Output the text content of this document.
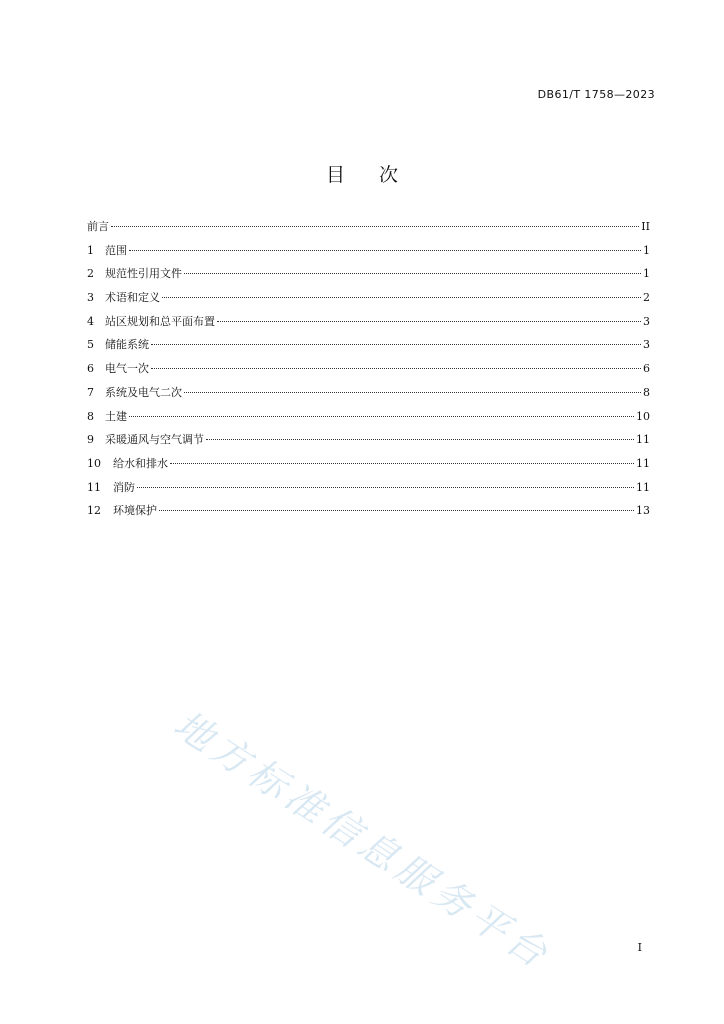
DB61/T 1758—2023
目 次
前言	II
1	范围	1
2	规范性引用文件	1
3	术语和定义	2
4	站区规划和总平面布置	3
5	储能系统	3
6	电气一次	6
7	系统及电气二次	8
8	土建	10
9	采暖通风与空气调节	11
10	给水和排水	11
11	消防	11
12	环境保护	13
地方标准信息服务平台	I
